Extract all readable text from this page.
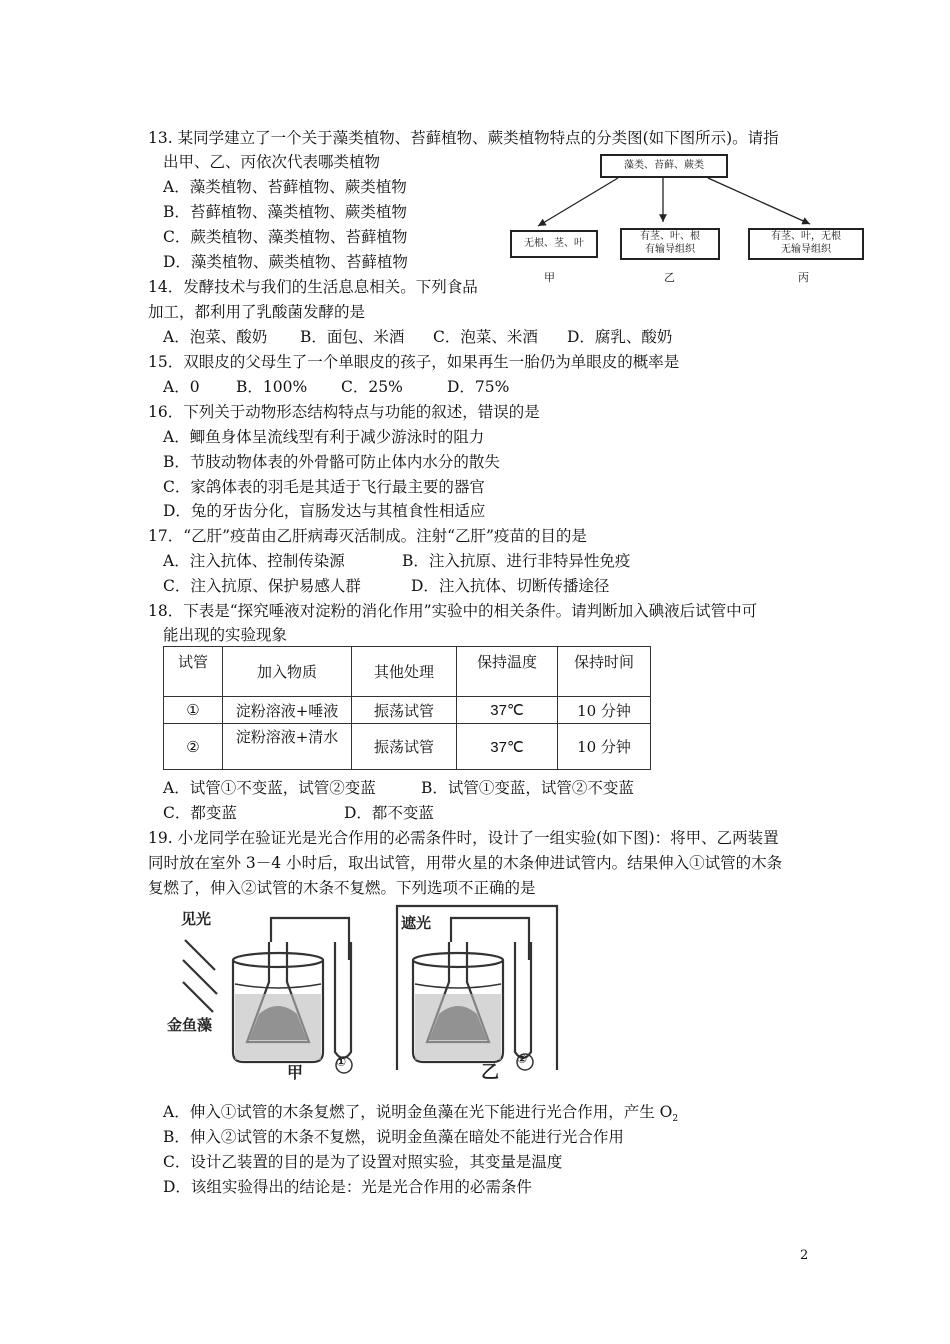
13. 某同学建立了一个关于藻类植物、苔藓植物、蕨类植物特点的分类图(如下图所示)。请指
出甲、乙、丙依次代表哪类植物
A．藻类植物、苔藓植物、蕨类植物
B．苔藓植物、藻类植物、蕨类植物
C．蕨类植物、藻类植物、苔藓植物
D．藻类植物、蕨类植物、苔藓植物
藻类、苔藓、蕨类
无根、茎、叶
有茎、叶、根
有输导组织
有茎、叶，无根
无输导组织
甲	乙	丙
14．发酵技术与我们的生活息息相关。下列食品
加工，都利用了乳酸菌发酵的是
A．泡菜、酸奶 B．面包、米酒 C．泡菜、米酒 D．腐乳、酸奶
15．双眼皮的父母生了一个单眼皮的孩子，如果再生一胎仍为单眼皮的概率是
A．0 B．100% C．25%	D．75%
16．下列关于动物形态结构特点与功能的叙述，错误的是
A．鲫鱼身体呈流线型有利于减少游泳时的阻力
B．节肢动物体表的外骨骼可防止体内水分的散失
C．家鸽体表的羽毛是其适于飞行最主要的器官
D．兔的牙齿分化，盲肠发达与其植食性相适应
17．“乙肝”疫苗由乙肝病毒灭活制成。注射“乙肝”疫苗的目的是
A．注入抗体、控制传染源	B．注入抗原、进行非特异性免疫
C．注入抗原、保护易感人群	D．注入抗体、切断传播途径
18．下表是“探究唾液对淀粉的消化作用”实验中的相关条件。请判断加入碘液后试管中可
能出现的实验现象
试管	加入物质	其他处理	保持温度	保持时间
①	淀粉溶液+唾液	振荡试管	37℃	10 分钟
②	淀粉溶液+清水	振荡试管	37℃	10 分钟
A．试管①不变蓝，试管②变蓝	B．试管①变蓝，试管②不变蓝
C．都变蓝	D．都不变蓝
19. 小龙同学在验证光是光合作用的必需条件时，设计了一组实验(如下图)：将甲、乙两装置
同时放在室外 3－4 小时后，取出试管，用带火星的木条伸进试管内。结果伸入①试管的木条
复燃了，伸入②试管的木条不复燃。下列选项不正确的是
见光	遮光
金鱼藻
甲	乙
①	②
A．伸入①试管的木条复燃了，说明金鱼藻在光下能进行光合作用，产生 $O_2$
B．伸入②试管的木条不复燃，说明金鱼藻在暗处不能进行光合作用
C．设计乙装置的目的是为了设置对照实验，其变量是温度
D．该组实验得出的结论是：光是光合作用的必需条件
2
